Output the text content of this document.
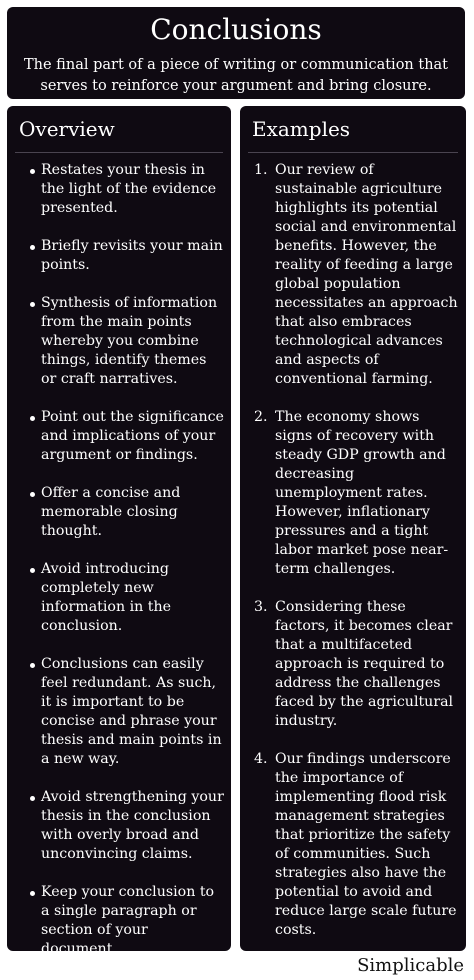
Conclusions
The final part of a piece of writing or communication that serves to reinforce your argument and bring closure.
Overview
Restates your thesis in the light of the evidence presented.
Briefly revisits your main points.
Synthesis of information from the main points whereby you combine things, identify themes or craft narratives.
Point out the significance and implications of your argument or findings.
Offer a concise and memorable closing thought.
Avoid introducing completely new information in the conclusion.
Conclusions can easily feel redundant. As such, it is important to be concise and phrase your thesis and main points in a new way.
Avoid strengthening your thesis in the conclusion with overly broad and unconvincing claims.
Keep your conclusion to a single paragraph or section of your document.
Examples
1. Our review of sustainable agriculture highlights its potential social and environmental benefits. However, the reality of feeding a large global population necessitates an approach that also embraces technological advances and aspects of conventional farming.
2. The economy shows signs of recovery with steady GDP growth and decreasing unemployment rates. However, inflationary pressures and a tight labor market pose near-term challenges.
3. Considering these factors, it becomes clear that a multifaceted approach is required to address the challenges faced by the agricultural industry.
4. Our findings underscore the importance of implementing flood risk management strategies that prioritize the safety of communities. Such strategies also have the potential to avoid and reduce large scale future costs.
Simplicable
